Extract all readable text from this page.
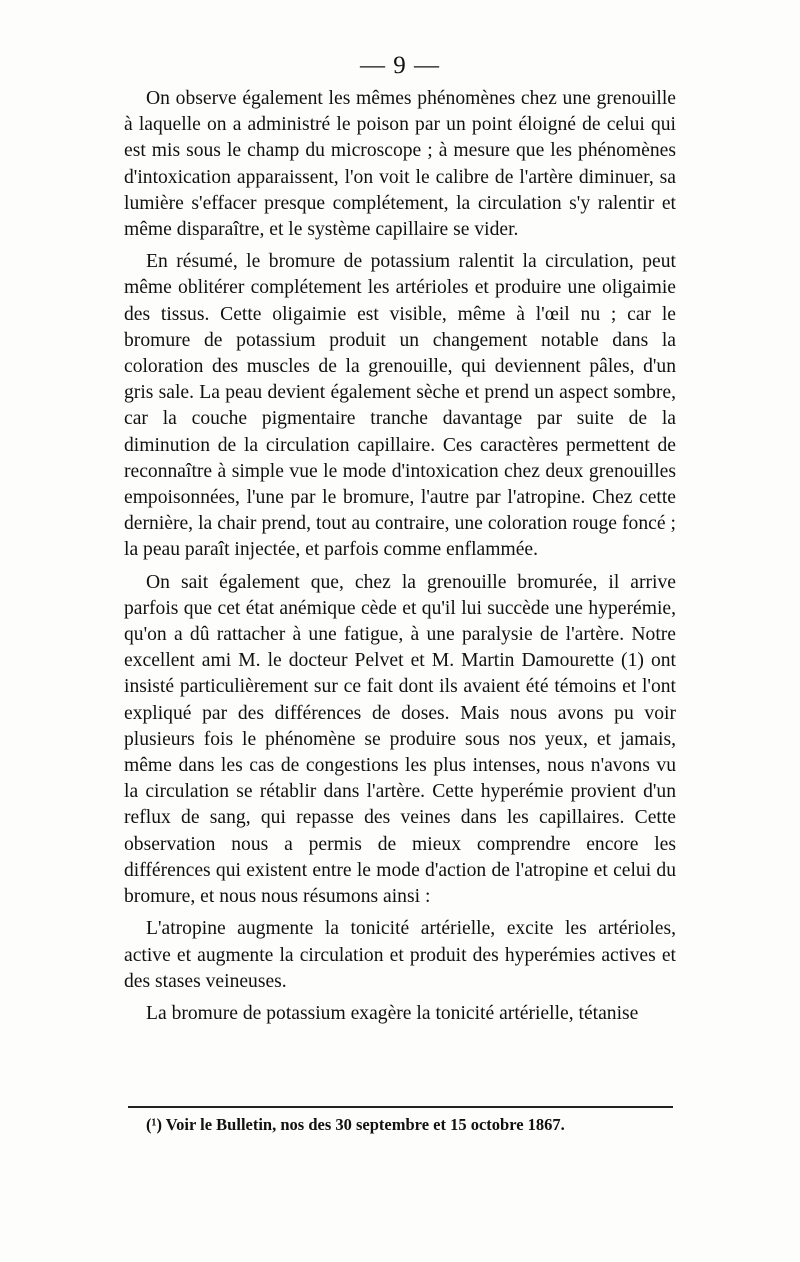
— 9 —

On observe également les mêmes phénomènes chez une grenouille à laquelle on a administré le poison par un point éloigné de celui qui est mis sous le champ du microscope ; à mesure que les phénomènes d'intoxication apparaissent, l'on voit le calibre de l'artère diminuer, sa lumière s'effacer presque complétement, la circulation s'y ralentir et même disparaître, et le système capillaire se vider.

En résumé, le bromure de potassium ralentit la circulation, peut même oblitérer complétement les artérioles et produire une oligaimie des tissus. Cette oligaimie est visible, même à l'œil nu ; car le bromure de potassium produit un changement notable dans la coloration des muscles de la grenouille, qui deviennent pâles, d'un gris sale. La peau devient également sèche et prend un aspect sombre, car la couche pigmentaire tranche davantage par suite de la diminution de la circulation capillaire. Ces caractères permettent de reconnaître à simple vue le mode d'intoxication chez deux grenouilles empoisonnées, l'une par le bromure, l'autre par l'atropine. Chez cette dernière, la chair prend, tout au contraire, une coloration rouge foncé ; la peau paraît injectée, et parfois comme enflammée.

On sait également que, chez la grenouille bromurée, il arrive parfois que cet état anémique cède et qu'il lui succède une hyperémie, qu'on a dû rattacher à une fatigue, à une paralysie de l'artère. Notre excellent ami M. le docteur Pelvet et M. Martin Damourette (1) ont insisté particulièrement sur ce fait dont ils avaient été témoins et l'ont expliqué par des différences de doses. Mais nous avons pu voir plusieurs fois le phénomène se produire sous nos yeux, et jamais, même dans les cas de congestions les plus intenses, nous n'avons vu la circulation se rétablir dans l'artère. Cette hyperémie provient d'un reflux de sang, qui repasse des veines dans les capillaires. Cette observation nous a permis de mieux comprendre encore les différences qui existent entre le mode d'action de l'atropine et celui du bromure, et nous nous résumons ainsi :

L'atropine augmente la tonicité artérielle, excite les artérioles, active et augmente la circulation et produit des hyperémies actives et des stases veineuses.

La bromure de potassium exagère la tonicité artérielle, tétanise

(¹) Voir le Bulletin, nos des 30 septembre et 15 octobre 1867.
